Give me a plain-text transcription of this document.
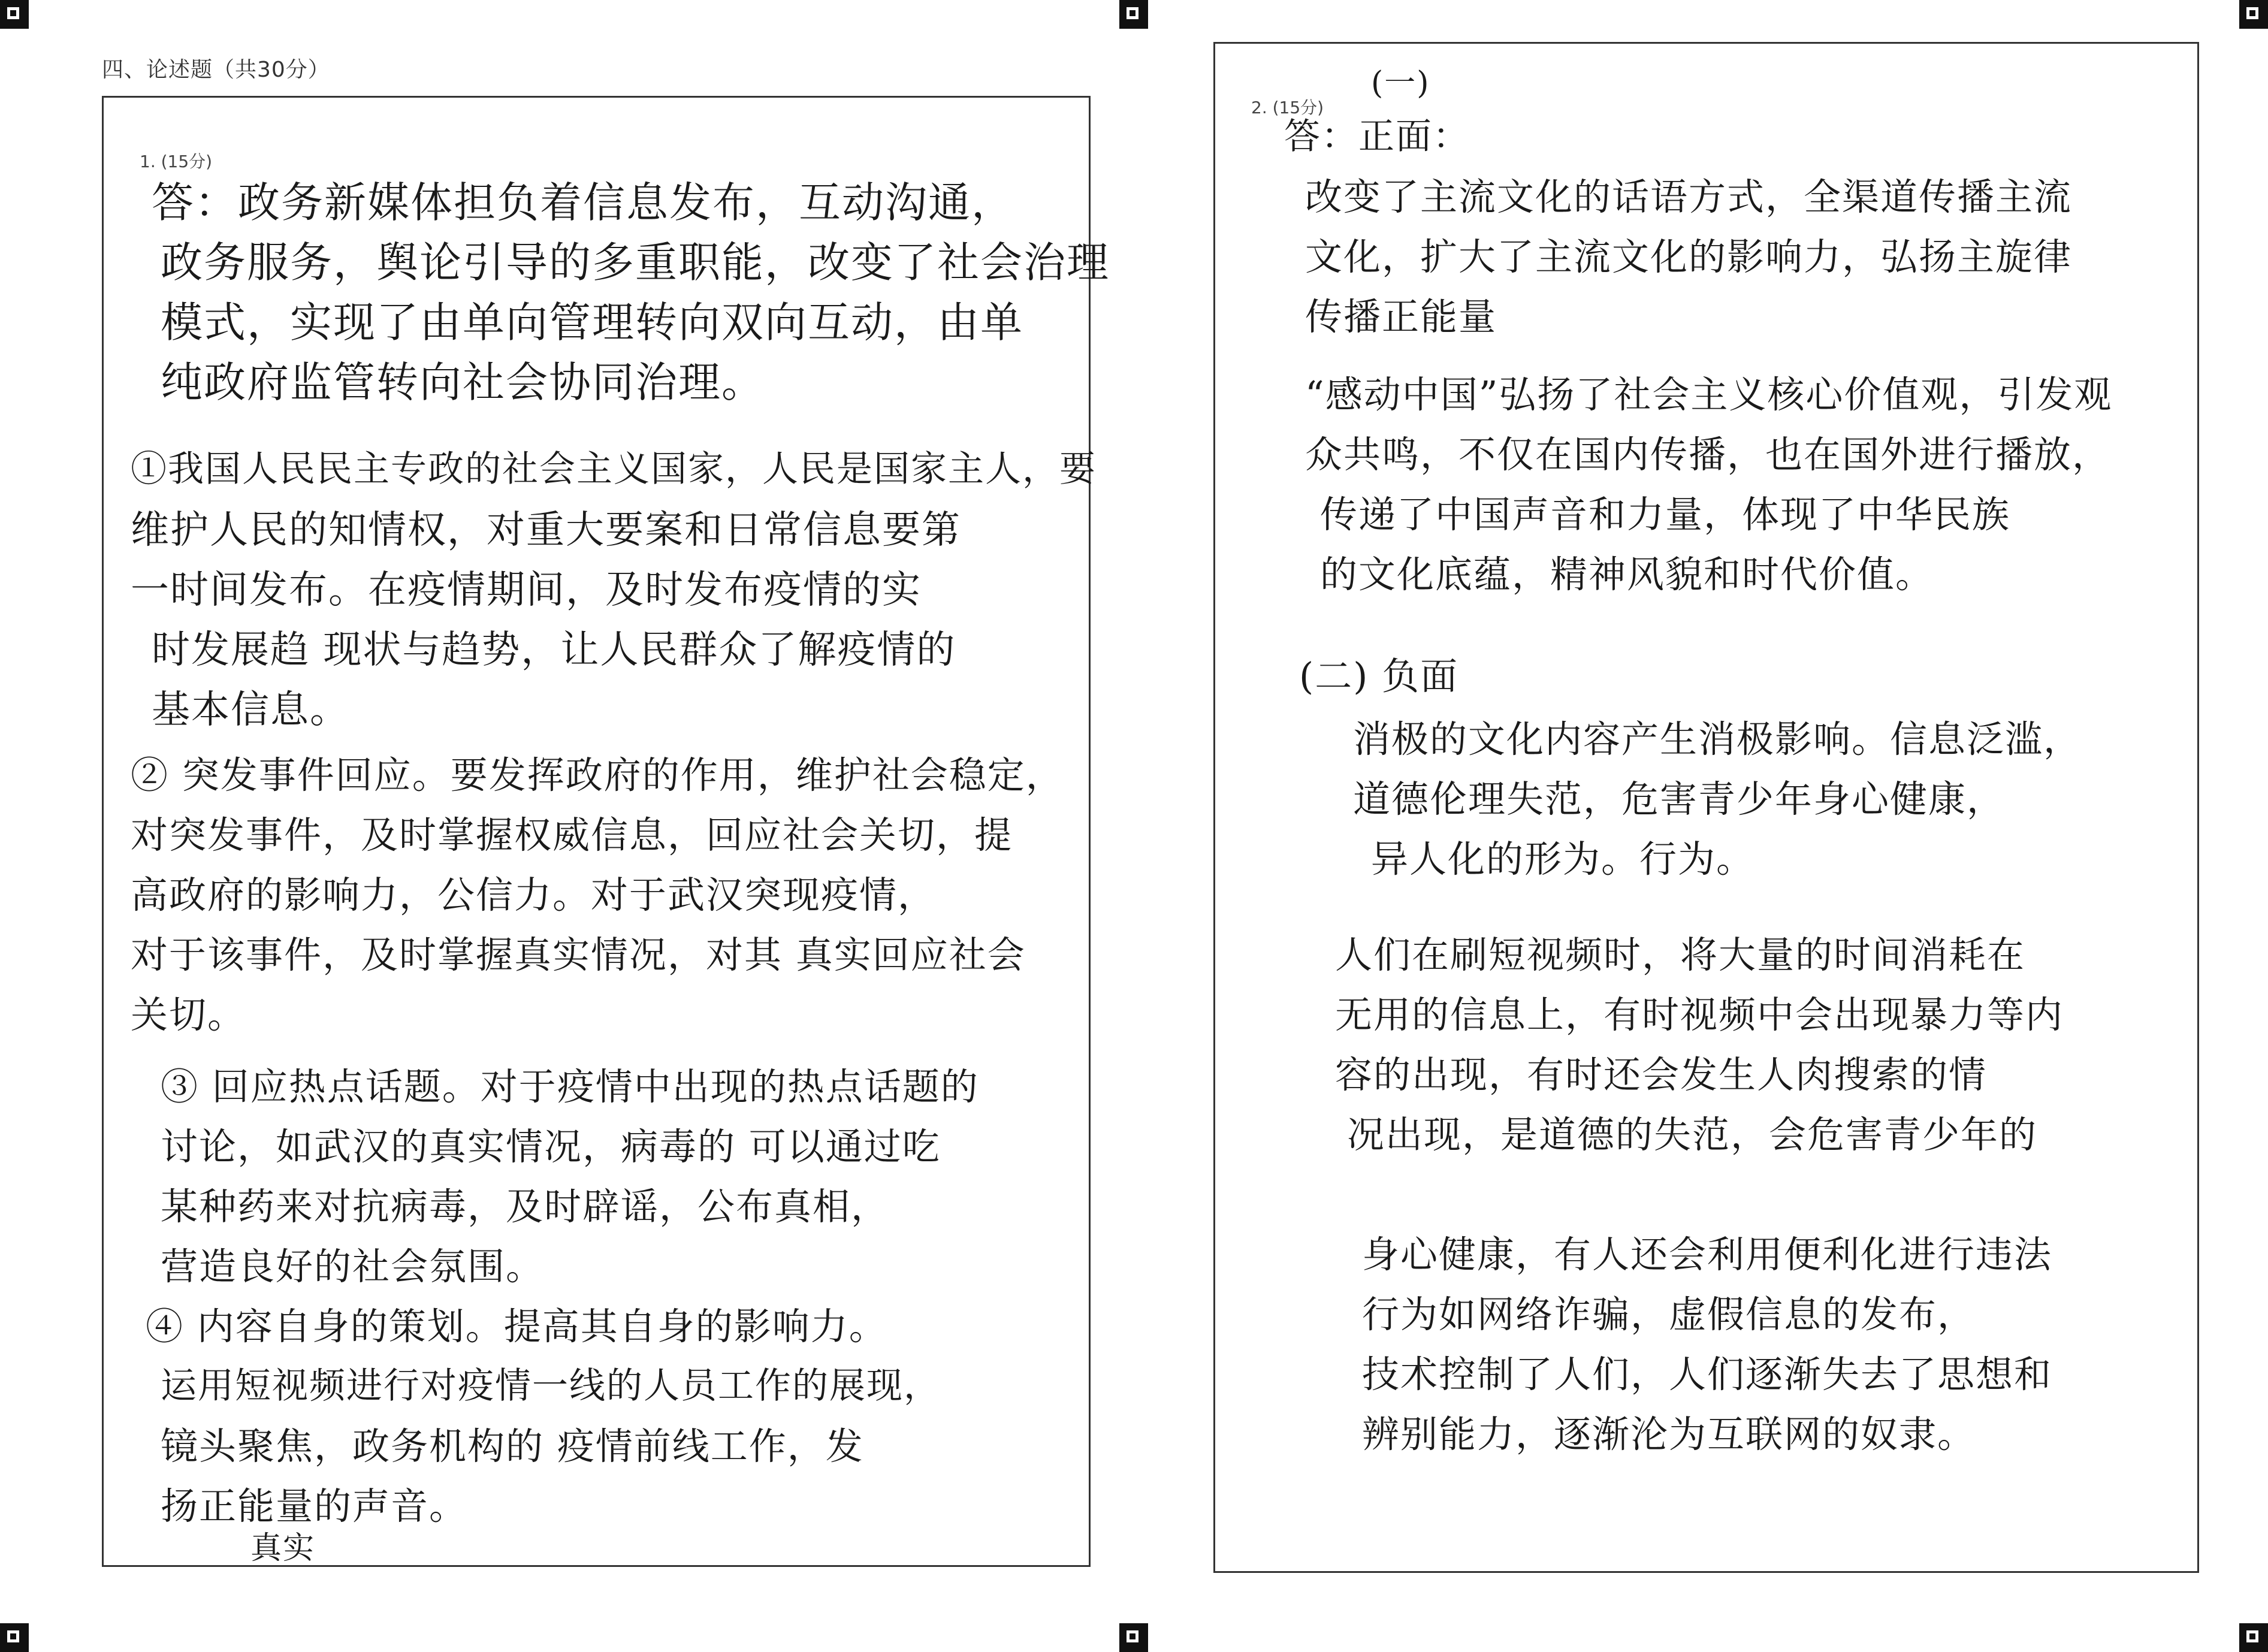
四、论述题（共30分）
1. (15分)
答：政务新媒体担负着信息发布，互动沟通，
政务服务，舆论引导的多重职能，改变了社会治理
模式，实现了由单向管理转向双向互动，由单
纯政府监管转向社会协同治理。
①我国人民民主专政的社会主义国家，人民是国家主人，要
维护人民的知情权，对重大要案和日常信息要第
一时间发布。在疫情期间，及时发布疫情的实
时发展趋 现状与趋势，让人民群众了解疫情的
基本信息。
② 突发事件回应。要发挥政府的作用，维护社会稳定，
对突发事件，及时掌握权威信息，回应社会关切，提
高政府的影响力，公信力。对于武汉突现疫情，
对于该事件，及时掌握真实情况，对其 真实回应社会
关切。
③ 回应热点话题。对于疫情中出现的热点话题的
讨论，如武汉的真实情况，病毒的 可以通过吃
某种药来对抗病毒，及时辟谣，公布真相，
营造良好的社会氛围。
④ 内容自身的策划。提高其自身的影响力。
运用短视频进行对疫情一线的人员工作的展现，
镜头聚焦，政务机构的 疫情前线工作，发
扬正能量的声音。
真实
2. (15分)
(一)
答：正面：
改变了主流文化的话语方式，全渠道传播主流
文化，扩大了主流文化的影响力，弘扬主旋律
传播正能量
“感动中国”弘扬了社会主义核心价值观，引发观
众共鸣，不仅在国内传播，也在国外进行播放，
传递了中国声音和力量，体现了中华民族
的文化底蕴，精神风貌和时代价值。
(二) 负面
消极的文化内容产生消极影响。信息泛滥，
道德伦理失范，危害青少年身心健康，
异人化的形为。行为。
人们在刷短视频时，将大量的时间消耗在
无用的信息上，有时视频中会出现暴力等内
容的出现，有时还会发生人肉搜索的情
况出现，是道德的失范，会危害青少年的
身心健康，有人还会利用便利化进行违法
行为如网络诈骗，虚假信息的发布，
技术控制了人们，人们逐渐失去了思想和
辨别能力，逐渐沦为互联网的奴隶。
